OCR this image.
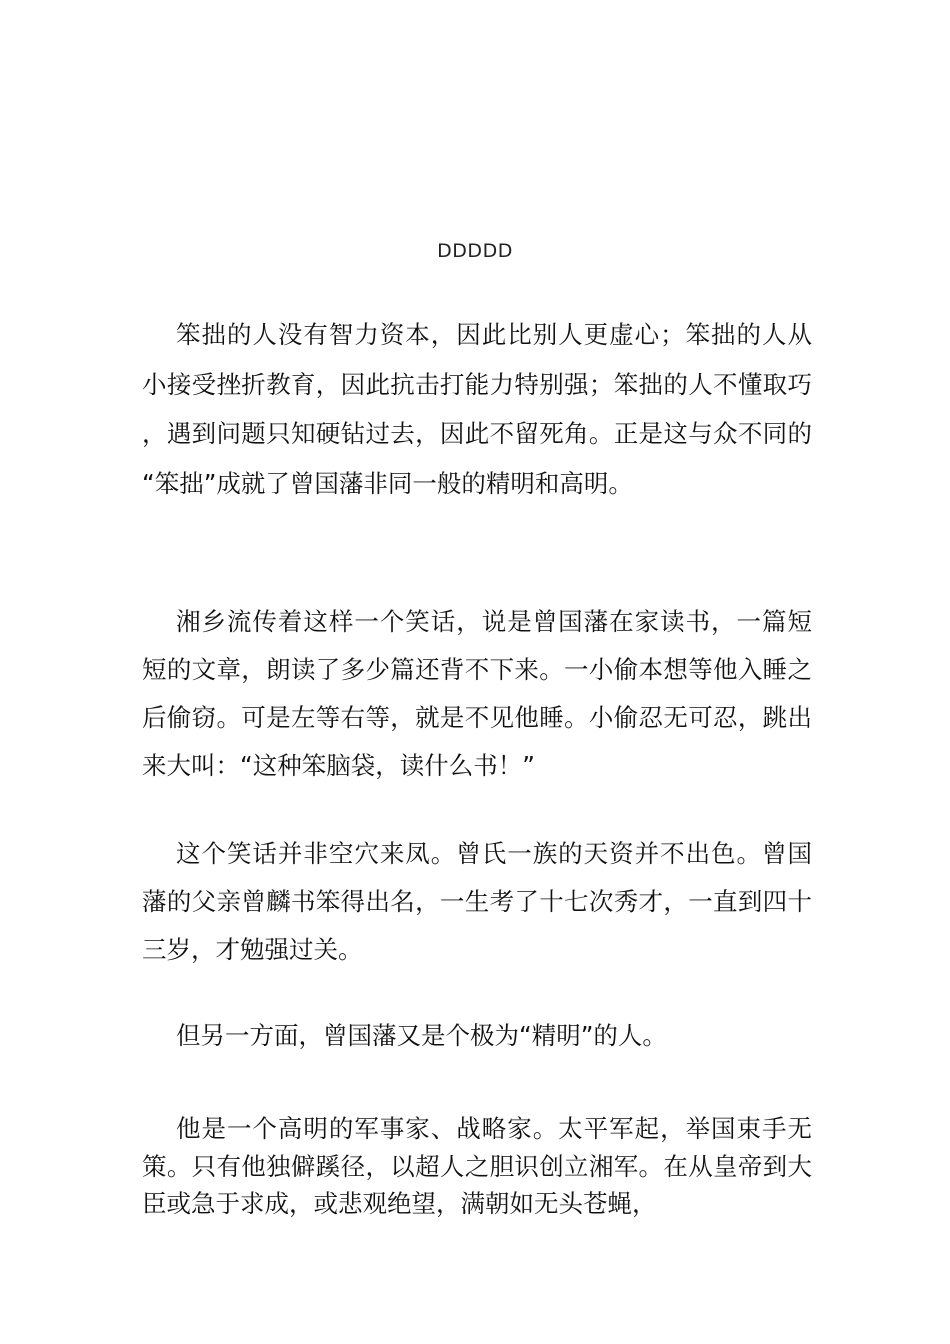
DDDDD

笨拙的人没有智力资本，因此比别人更虚心；笨拙的人从小接受挫折教育，因此抗击打能力特别强；笨拙的人不懂取巧，遇到问题只知硬钻过去，因此不留死角。正是这与众不同的“笨拙”成就了曾国藩非同一般的精明和高明。

湘乡流传着这样一个笑话，说是曾国藩在家读书，一篇短短的文章，朗读了多少篇还背不下来。一小偷本想等他入睡之后偷窃。可是左等右等，就是不见他睡。小偷忍无可忍，跳出来大叫：“这种笨脑袋，读什么书！”

这个笑话并非空穴来凤。曾氏一族的天资并不出色。曾国藩的父亲曾麟书笨得出名，一生考了十七次秀才，一直到四十三岁，才勉强过关。

但另一方面，曾国藩又是个极为“精明”的人。

他是一个高明的军事家、战略家。太平军起，举国束手无策。只有他独僻蹊径，以超人之胆识创立湘军。在从皇帝到大臣或急于求成，或悲观绝望，满朝如无头苍蝇，
